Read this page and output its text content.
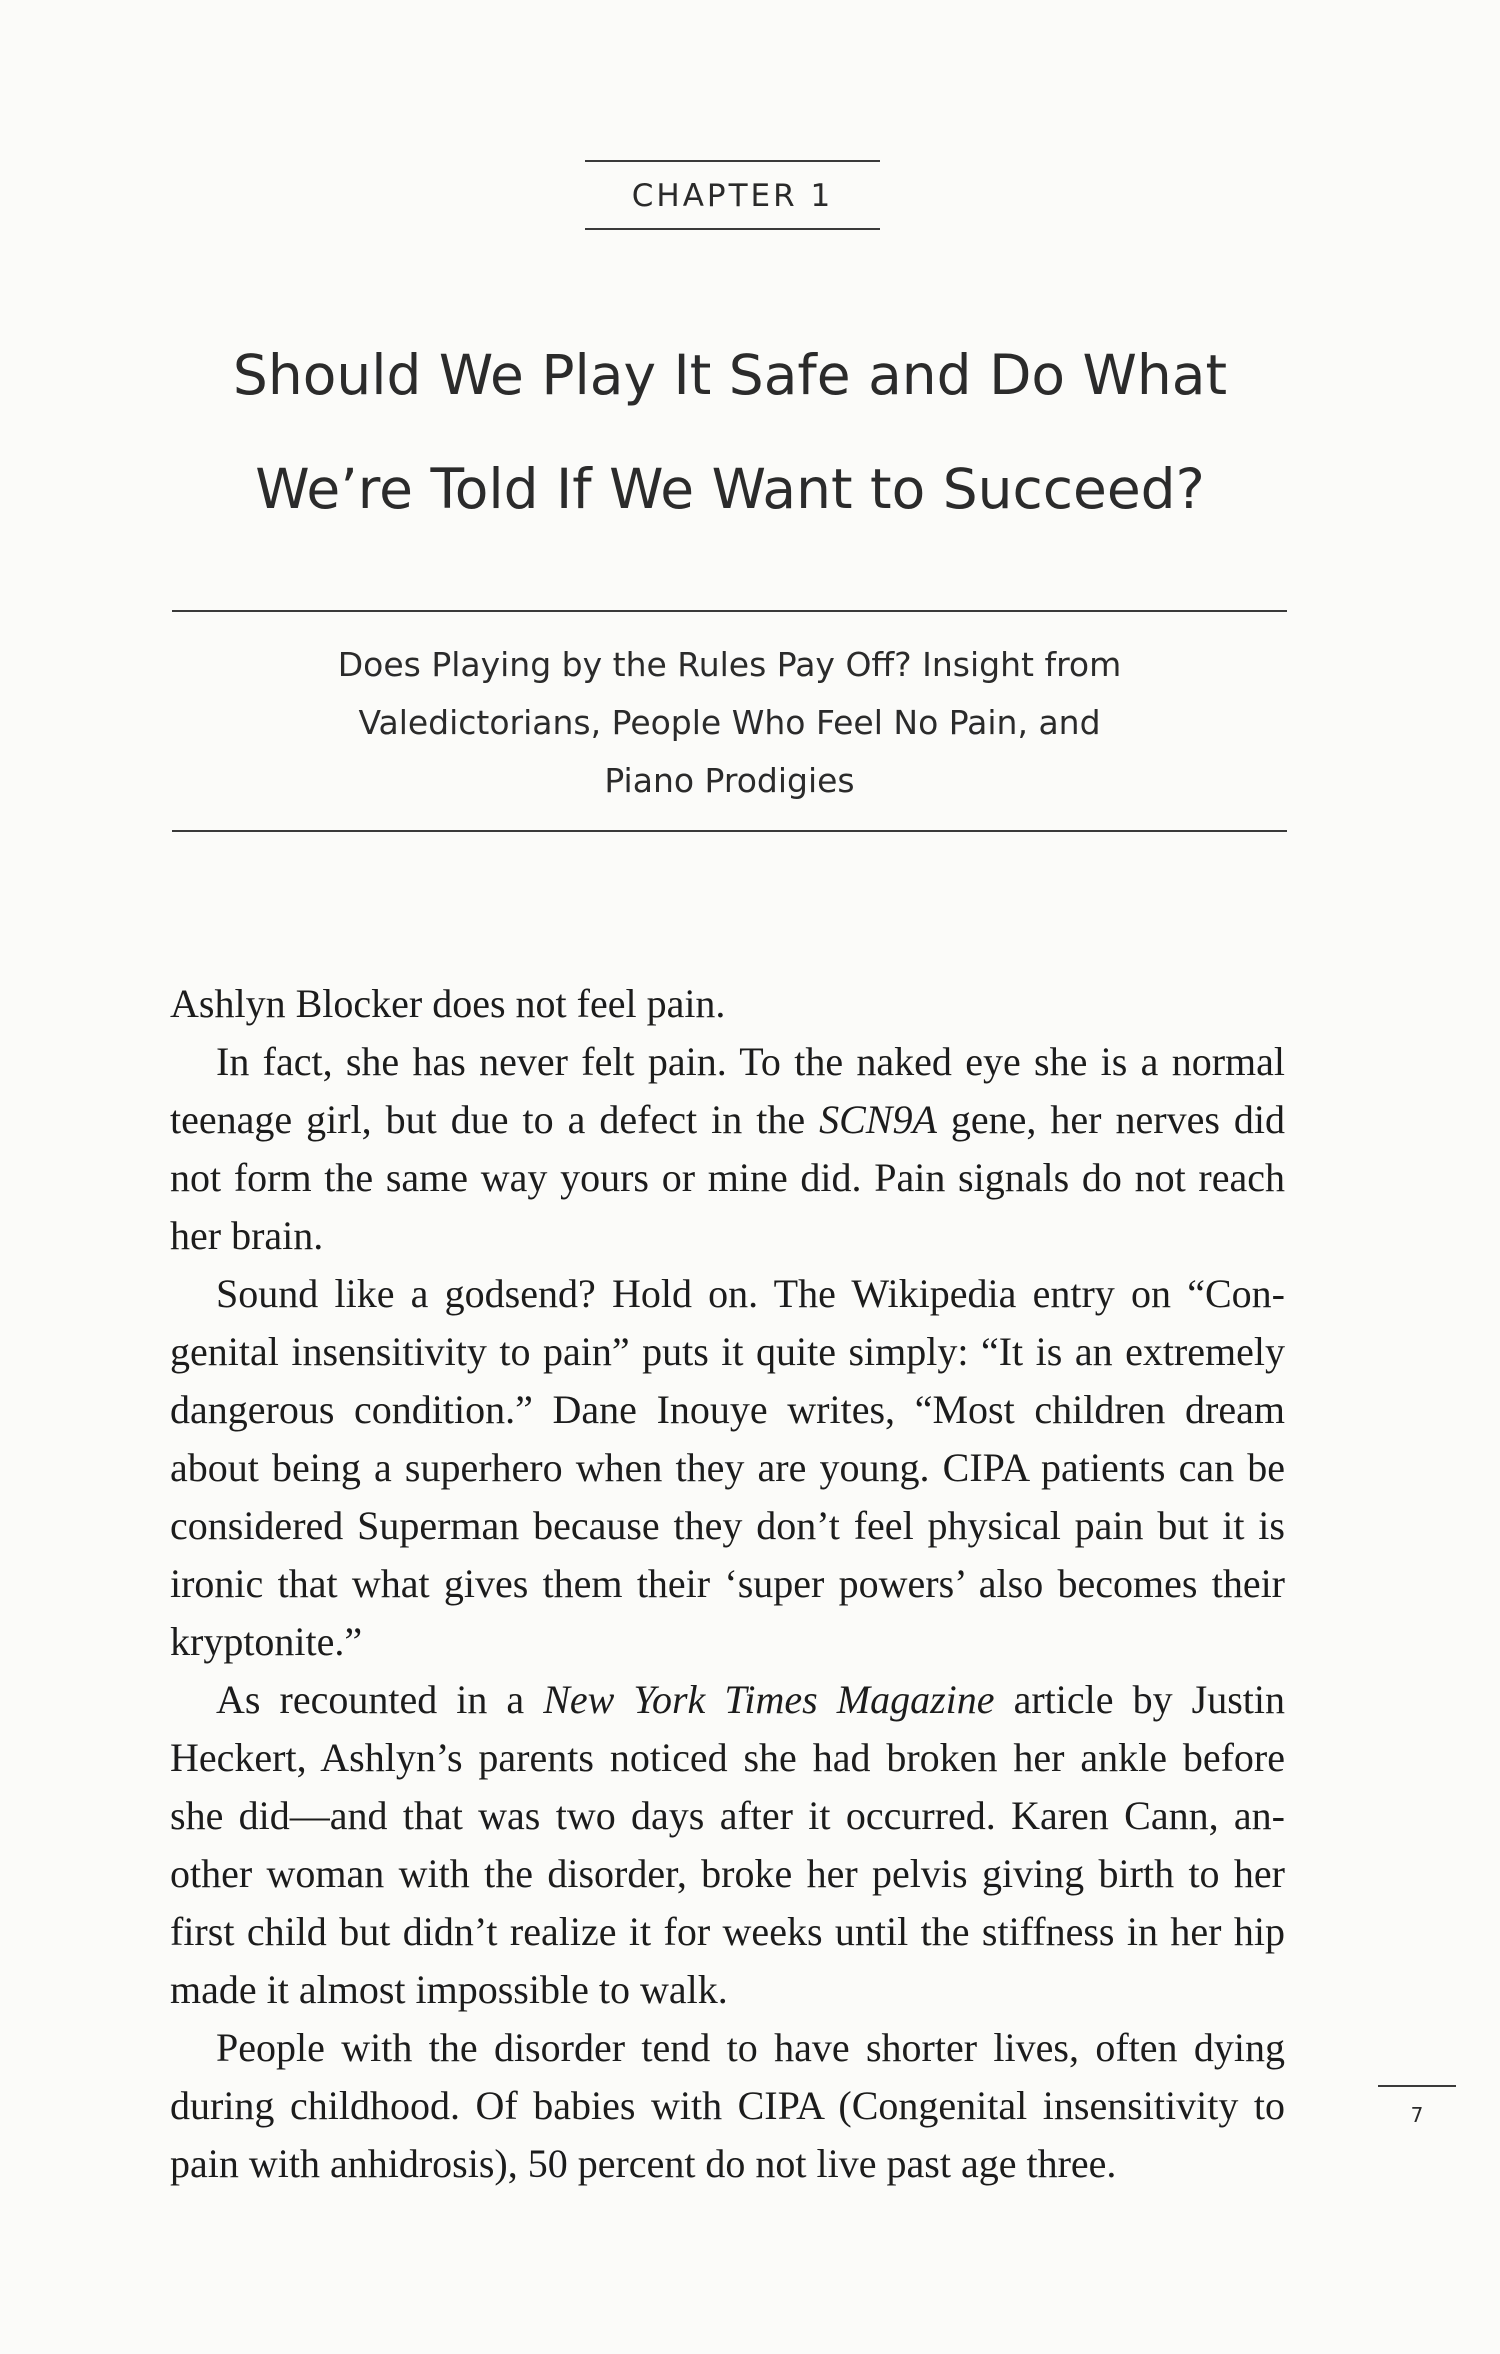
CHAPTER 1
Should We Play It Safe and Do What
We’re Told If We Want to Succeed?
Does Playing by the Rules Pay Off? Insight from
Valedictorians, People Who Feel No Pain, and
Piano Prodigies

Ashlyn Blocker does not feel pain.

In fact, she has never felt pain. To the naked eye she is a normal teenage girl, but due to a defect in the SCN9A gene, her nerves did not form the same way yours or mine did. Pain signals do not reach her brain.

Sound like a godsend? Hold on. The Wikipedia entry on “Congenital insensitivity to pain” puts it quite simply: “It is an extremely dangerous condition.” Dane Inouye writes, “Most children dream about being a superhero when they are young. CIPA patients can be considered Superman because they don’t feel physical pain but it is ironic that what gives them their ‘super powers’ also becomes their kryptonite.”

As recounted in a New York Times Magazine article by Justin Heckert, Ashlyn’s parents noticed she had broken her ankle before she did—and that was two days after it occurred. Karen Cann, another woman with the disorder, broke her pelvis giving birth to her first child but didn’t realize it for weeks until the stiffness in her hip made it almost impossible to walk.

People with the disorder tend to have shorter lives, often dying during childhood. Of babies with CIPA (Congenital insensitivity to pain with anhidrosis), 50 percent do not live past age three.

7
